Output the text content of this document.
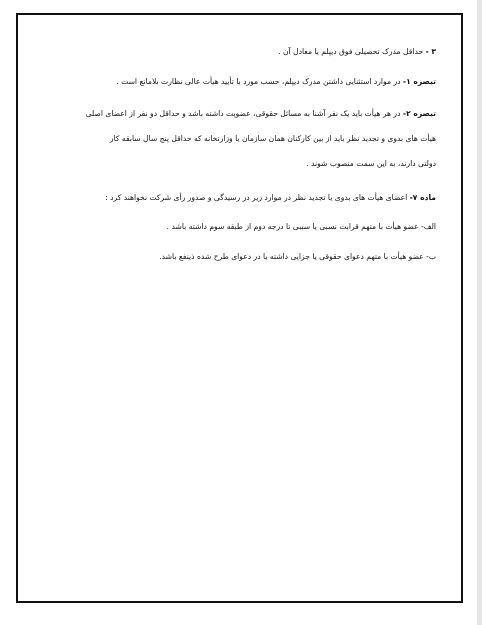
۳ - حداقل مدرک تحصیلی فوق دیپلم یا معادل آن .
تبصره ۱- در موارد استثنایی داشتن مدرک دیپلم، حسب مورد با تأیید هیأت عالی نظارت بلامانع است .
تبصره ۲- در هر هیأت باید یک نفر آشنا به مسائل حقوقی، عضویت داشته باشد و حداقل دو نفر از اعضای اصلی
هیأت های بدوی و تجدید نظر باید از بین کارکنان همان سازمان یا وزارتخانه که حداقل پنج سال سابقه کار
دولتی دارند، به این سمت منصوب شوند .
ماده ۷- اعضای هیأت های بدوی یا تجدید نظر در موارد زیر در رسیدگی و صدور رأی شرکت نخواهند کرد :
الف- عضو هیأت با متهم قرابت نسبی یا سببی تا درجه دوم از طبقه سوم داشته باشد .
ب- عضو هیأت با متهم دعوای حقوقی یا جزایی داشته یا در دعوای طرح شده ذینفع باشد.
